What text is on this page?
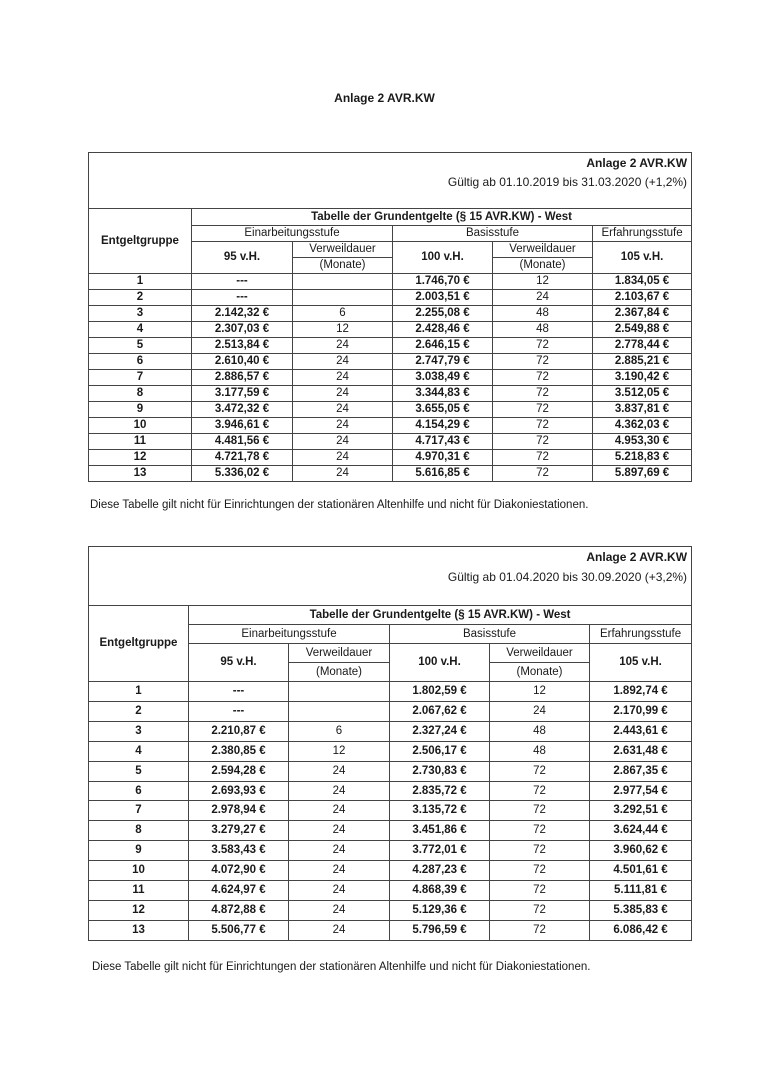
Anlage 2 AVR.KW
Anlage 2 AVR.KW
Gültig ab 01.10.2019 bis 31.03.2020 (+1,2%)					

Entgeltgruppe	Tabelle der Grundentgelte (§ 15 AVR.KW) - West				
	Einarbeitungsstufe		Basisstufe		Erfahrungsstufe
	95 v.H.	Verweildauer	100 v.H.	Verweildauer	105 v.H.
		(Monate)		(Monate)	
1	---		1.746,70 €	12	1.834,05 €
2	---		2.003,51 €	24	2.103,67 €
3	2.142,32 €	6	2.255,08 €	48	2.367,84 €
4	2.307,03 €	12	2.428,46 €	48	2.549,88 €
5	2.513,84 €	24	2.646,15 €	72	2.778,44 €
6	2.610,40 €	24	2.747,79 €	72	2.885,21 €
7	2.886,57 €	24	3.038,49 €	72	3.190,42 €
8	3.177,59 €	24	3.344,83 €	72	3.512,05 €
9	3.472,32 €	24	3.655,05 €	72	3.837,81 €
10	3.946,61 €	24	4.154,29 €	72	4.362,03 €
11	4.481,56 €	24	4.717,43 €	72	4.953,30 €
12	4.721,78 €	24	4.970,31 €	72	5.218,83 €
13	5.336,02 €	24	5.616,85 €	72	5.897,69 €
Diese Tabelle gilt nicht für Einrichtungen der stationären Altenhilfe und nicht für Diakoniestationen.
Anlage 2 AVR.KW
Gültig ab 01.04.2020 bis 30.09.2020 (+3,2%)					

Entgeltgruppe	Tabelle der Grundentgelte (§ 15 AVR.KW) - West				
	Einarbeitungsstufe		Basisstufe		Erfahrungsstufe
	95 v.H.	Verweildauer	100 v.H.	Verweildauer	105 v.H.
		(Monate)		(Monate)	
1	---		1.802,59 €	12	1.892,74 €
2	---		2.067,62 €	24	2.170,99 €
3	2.210,87 €	6	2.327,24 €	48	2.443,61 €
4	2.380,85 €	12	2.506,17 €	48	2.631,48 €
5	2.594,28 €	24	2.730,83 €	72	2.867,35 €
6	2.693,93 €	24	2.835,72 €	72	2.977,54 €
7	2.978,94 €	24	3.135,72 €	72	3.292,51 €
8	3.279,27 €	24	3.451,86 €	72	3.624,44 €
9	3.583,43 €	24	3.772,01 €	72	3.960,62 €
10	4.072,90 €	24	4.287,23 €	72	4.501,61 €
11	4.624,97 €	24	4.868,39 €	72	5.111,81 €
12	4.872,88 €	24	5.129,36 €	72	5.385,83 €
13	5.506,77 €	24	5.796,59 €	72	6.086,42 €
Diese Tabelle gilt nicht für Einrichtungen der stationären Altenhilfe und nicht für Diakoniestationen.
